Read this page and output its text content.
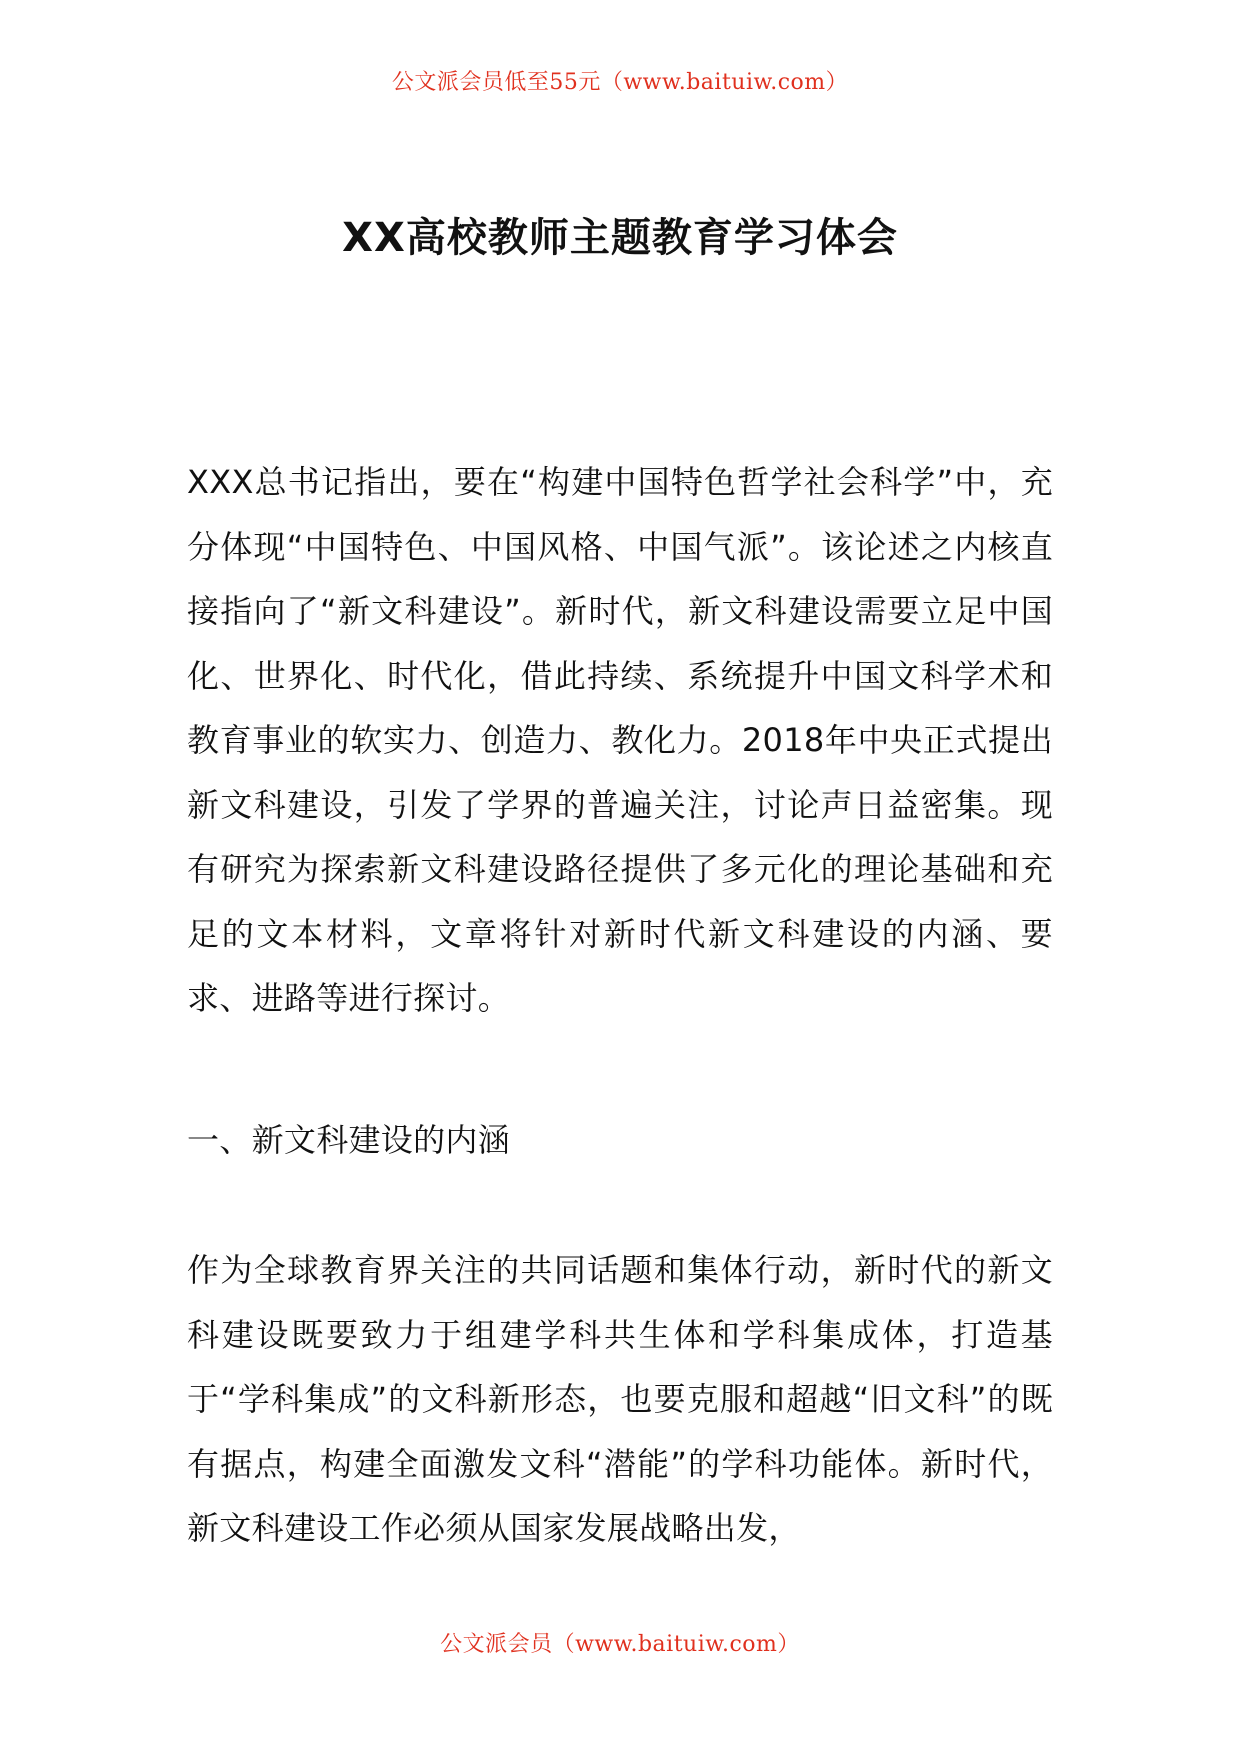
公文派会员低至55元（www.baituiw.com）
XX高校教师主题教育学习体会

XXX总书记指出，要在“构建中国特色哲学社会科学”中，充分体现“中国特色、中国风格、中国气派”。该论述之内核直接指向了“新文科建设”。新时代，新文科建设需要立足中国化、世界化、时代化，借此持续、系统提升中国文科学术和教育事业的软实力、创造力、教化力。2018年中央正式提出新文科建设，引发了学界的普遍关注，讨论声日益密集。现有研究为探索新文科建设路径提供了多元化的理论基础和充足的文本材料，文章将针对新时代新文科建设的内涵、要求、进路等进行探讨。

一、新文科建设的内涵

作为全球教育界关注的共同话题和集体行动，新时代的新文科建设既要致力于组建学科共生体和学科集成体，打造基于“学科集成”的文科新形态，也要克服和超越“旧文科”的既有据点，构建全面激发文科“潜能”的学科功能体。新时代，新文科建设工作必须从国家发展战略出发，

公文派会员（www.baituiw.com）
